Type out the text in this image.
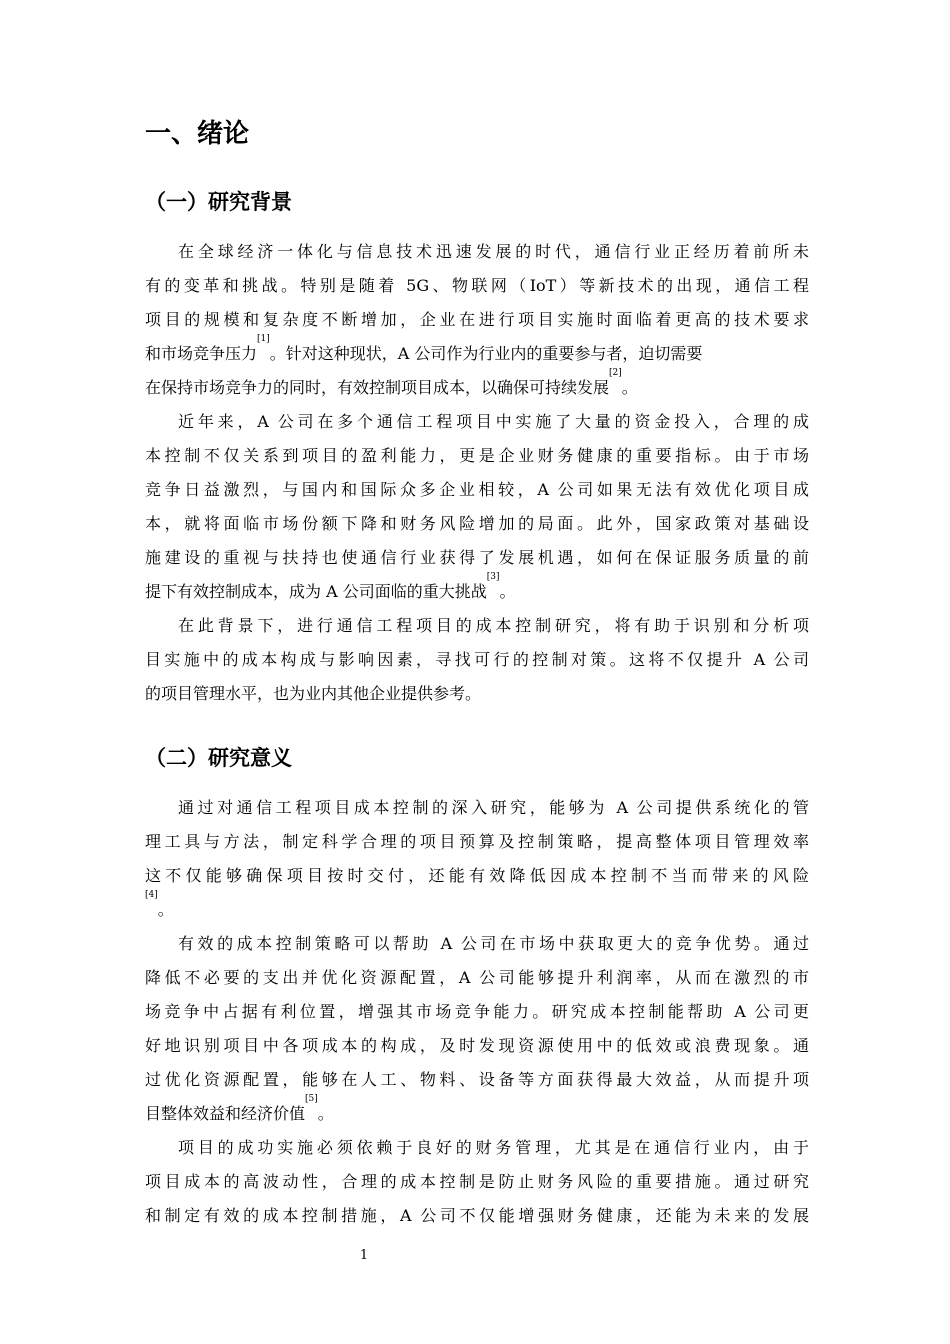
一、绪论
（一）研究背景
在全球经济一体化与信息技术迅速发展的时代，通信行业正经历着前所未
有的变革和挑战。特别是随着 5G、物联网（IoT）等新技术的出现，通信工程
项目的规模和复杂度不断增加，企业在进行项目实施时面临着更高的技术要求
和市场竞争压力[1]。针对这种现状，A 公司作为行业内的重要参与者，迫切需要
在保持市场竞争力的同时，有效控制项目成本，以确保可持续发展[2]。
近年来，A 公司在多个通信工程项目中实施了大量的资金投入，合理的成
本控制不仅关系到项目的盈利能力，更是企业财务健康的重要指标。由于市场
竞争日益激烈，与国内和国际众多企业相较，A 公司如果无法有效优化项目成
本，就将面临市场份额下降和财务风险增加的局面。此外，国家政策对基础设
施建设的重视与扶持也使通信行业获得了发展机遇，如何在保证服务质量的前
提下有效控制成本，成为 A 公司面临的重大挑战[3]。
在此背景下，进行通信工程项目的成本控制研究，将有助于识别和分析项
目实施中的成本构成与影响因素，寻找可行的控制对策。这将不仅提升 A 公司
的项目管理水平，也为业内其他企业提供参考。
（二）研究意义
通过对通信工程项目成本控制的深入研究，能够为 A 公司提供系统化的管
理工具与方法，制定科学合理的项目预算及控制策略，提高整体项目管理效率
这不仅能够确保项目按时交付，还能有效降低因成本控制不当而带来的风险
[4]。
有效的成本控制策略可以帮助 A 公司在市场中获取更大的竞争优势。通过
降低不必要的支出并优化资源配置，A 公司能够提升利润率，从而在激烈的市
场竞争中占据有利位置，增强其市场竞争能力。研究成本控制能帮助 A 公司更
好地识别项目中各项成本的构成，及时发现资源使用中的低效或浪费现象。通
过优化资源配置，能够在人工、物料、设备等方面获得最大效益，从而提升项
目整体效益和经济价值[5]。
项目的成功实施必须依赖于良好的财务管理，尤其是在通信行业内，由于
项目成本的高波动性，合理的成本控制是防止财务风险的重要措施。通过研究
和制定有效的成本控制措施，A 公司不仅能增强财务健康，还能为未来的发展
1
